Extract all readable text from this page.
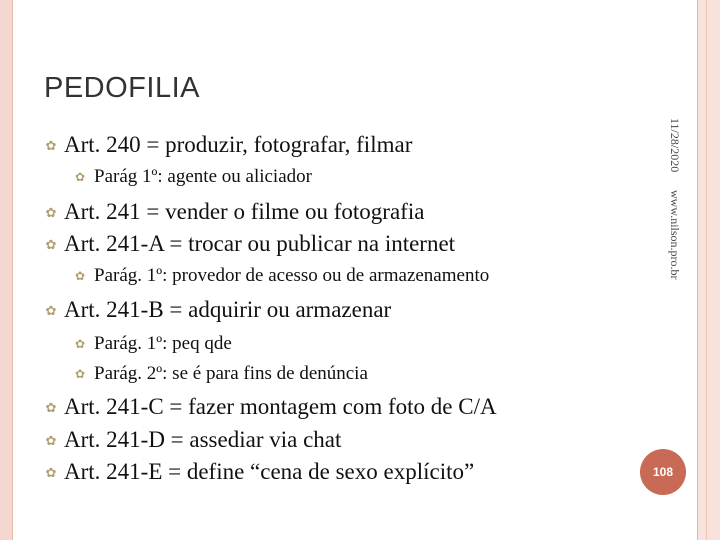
PEDOFILIA
✿ Art. 240 = produzir, fotografar, filmar
✿ Parág 1º: agente ou aliciador
✿ Art. 241 = vender o filme ou fotografia
✿ Art. 241-A = trocar ou publicar na internet
✿ Parág. 1º: provedor de acesso ou de armazenamento
✿ Art. 241-B = adquirir ou armazenar
✿ Parág. 1º: peq qde
✿ Parág. 2º: se é para fins de denúncia
✿ Art. 241-C = fazer montagem com foto de C/A
✿ Art. 241-D = assediar via chat
✿ Art. 241-E = define “cena de sexo explícito”
11/28/2020
www.nilson.pro.br
108
